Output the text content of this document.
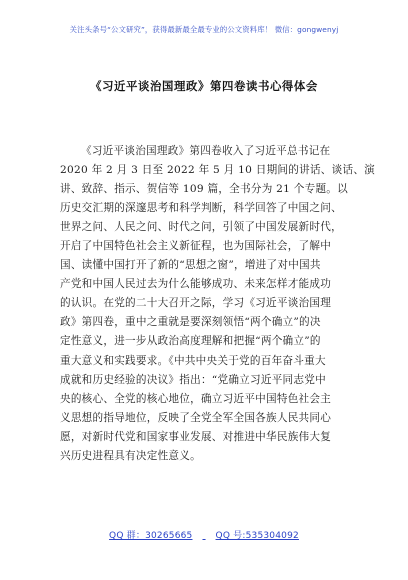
关注头条号“公文研究”，获得最新最全最专业的公文资料库！ 微信：gongwenyj
《习近平谈治国理政》第四卷读书心得体会
《习近平谈治国理政》第四卷收入了习近平总书记在
2020 年 2 月 3 日至 2022 年 5 月 10 日期间的讲话、谈话、演
讲、致辞、指示、贺信等 109 篇，全书分为 21 个专题。以
历史交汇期的深邃思考和科学判断，科学回答了中国之问、
世界之问、人民之问、时代之问，引领了中国发展新时代，
开启了中国特色社会主义新征程，也为国际社会，了解中
国、读懂中国打开了新的“思想之窗”，增进了对中国共
产党和中国人民过去为什么能够成功、未来怎样才能成功
的认识。在党的二十大召开之际，学习《习近平谈治国理
政》第四卷，重中之重就是要深刻领悟“两个确立”的决
定性意义，进一步从政治高度理解和把握“两个确立”的
重大意义和实践要求。《中共中央关于党的百年奋斗重大
成就和历史经验的决议》指出：“党确立习近平同志党中
央的核心、全党的核心地位，确立习近平中国特色社会主
义思想的指导地位，反映了全党全军全国各族人民共同心
愿，对新时代党和国家事业发展、对推进中华民族伟大复
兴历史进程具有决定性意义。
QQ 群：30265665	QQ 号:535304092
